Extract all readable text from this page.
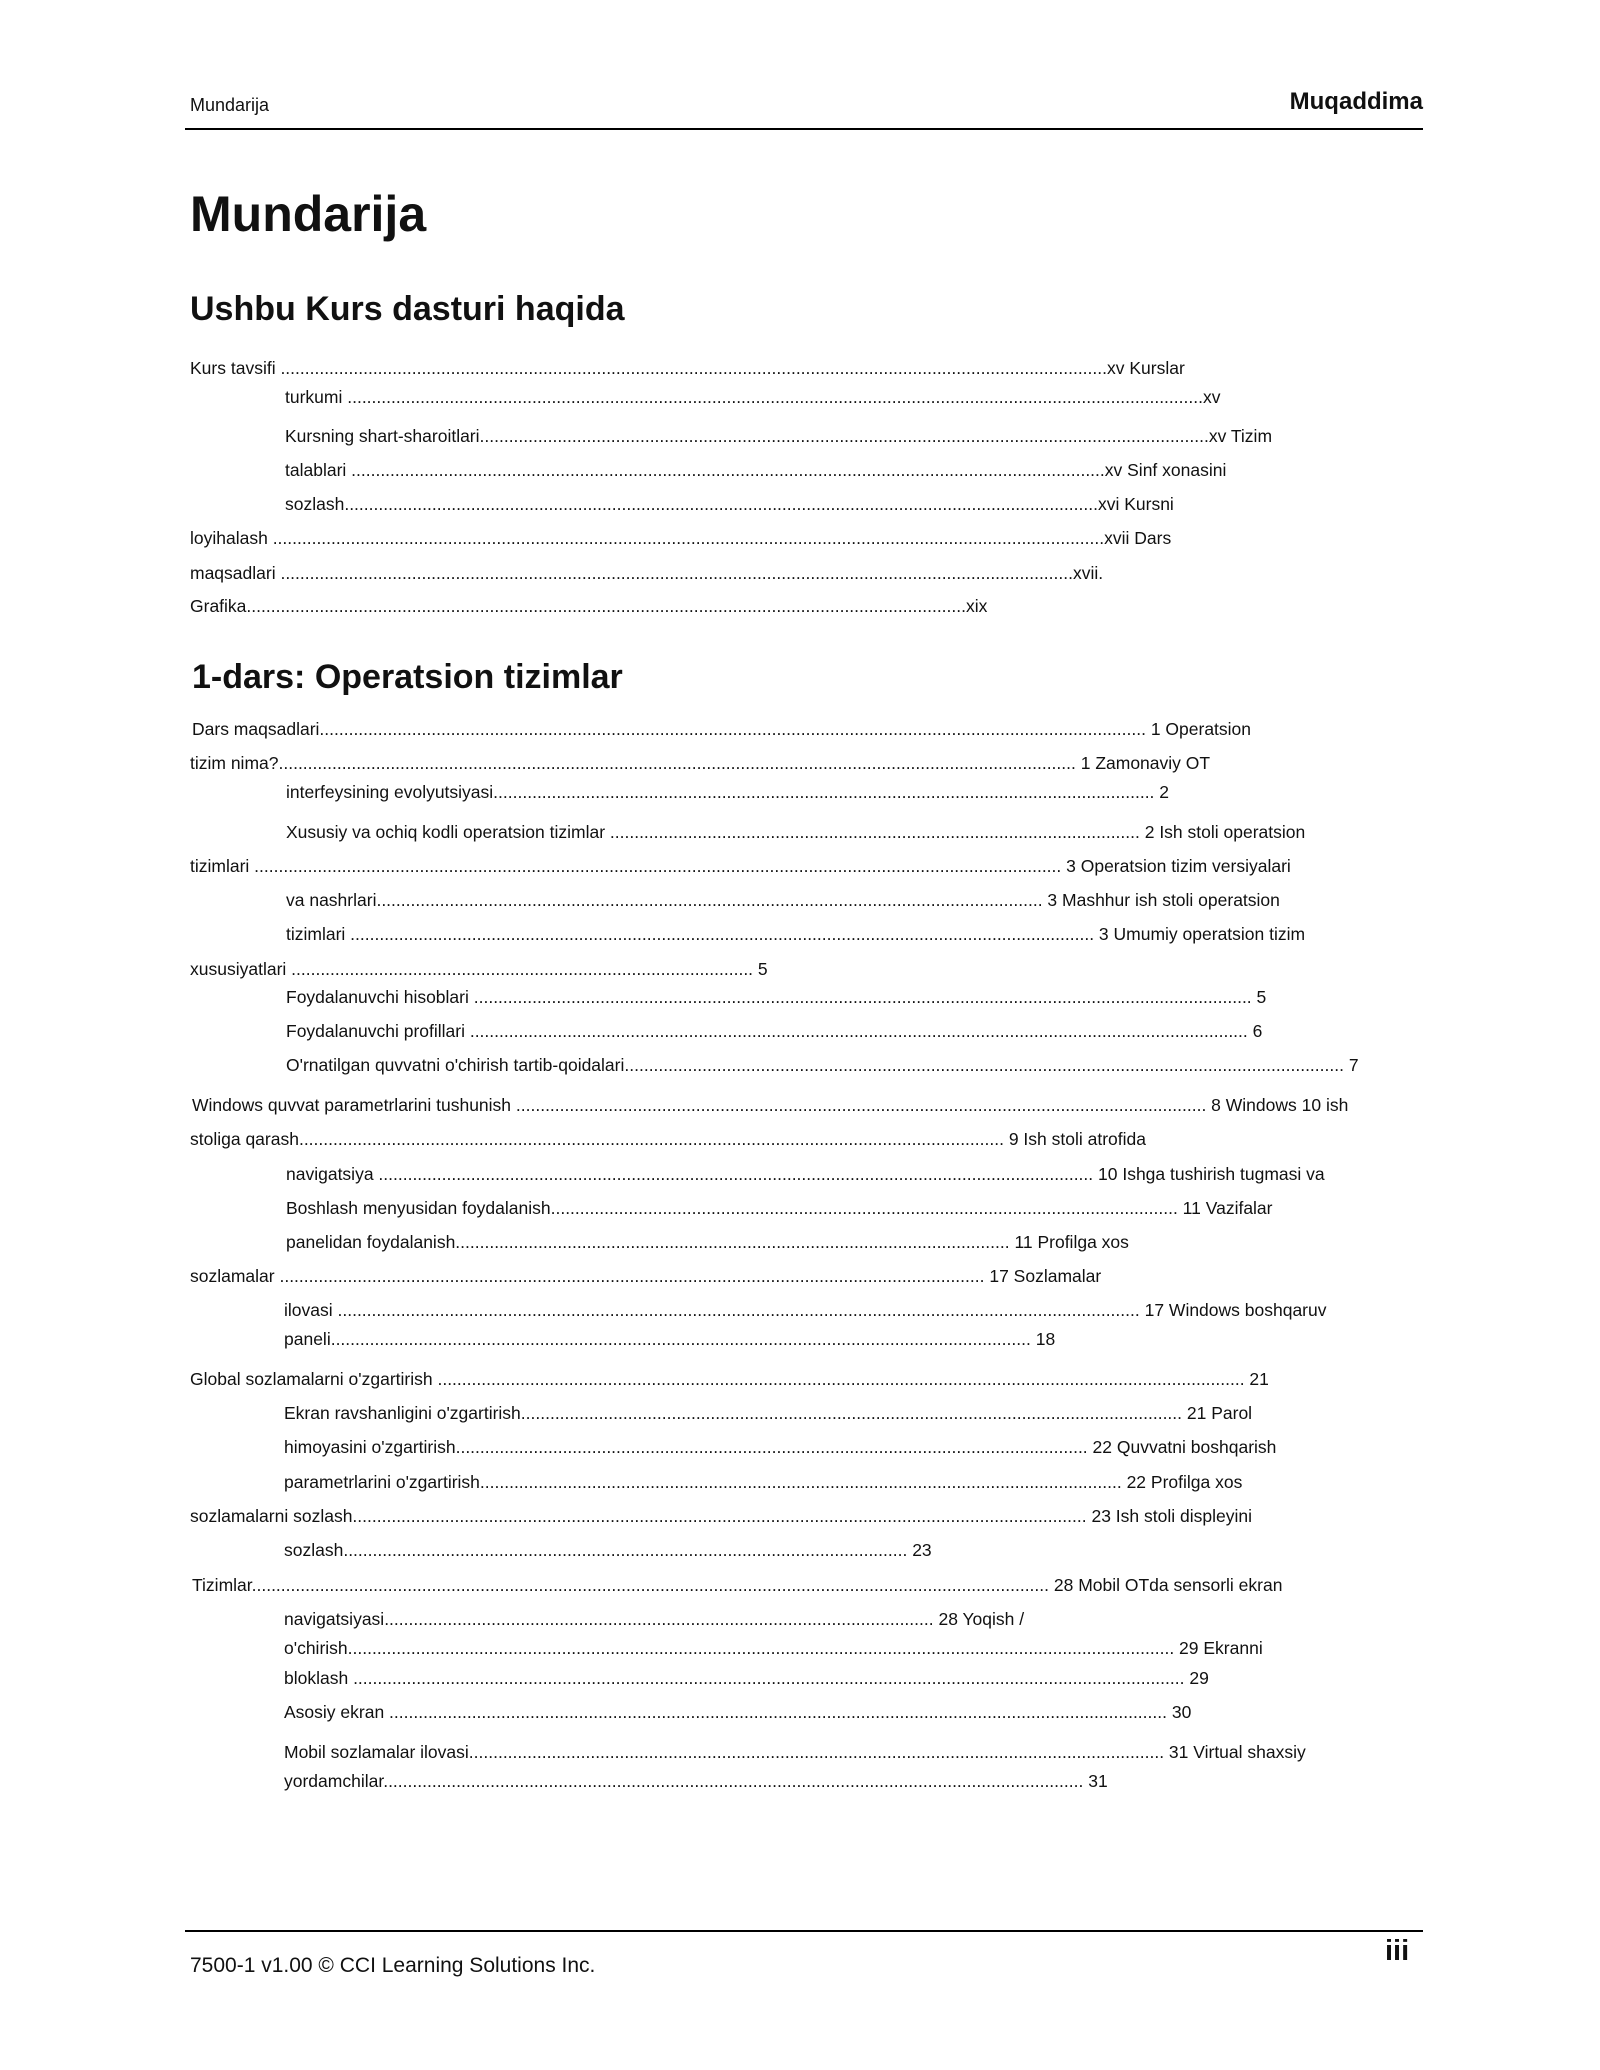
Mundarija	Muqaddima
Mundarija
Ushbu Kurs dasturi haqida
Kurs tavsifi ..........................................................................................................................................................................xv Kurslar
turkumi ................................................................................................................................................................................xv
Kursning shart-sharoitlari......................................................................................................................................................xv Tizim
talablari ...........................................................................................................................................................xv Sinf xonasini
sozlash...........................................................................................................................................................xvi Kursni
loyihalash ...........................................................................................................................................................................xvii Dars
maqsadlari ...................................................................................................................................................................xvii.
Grafika....................................................................................................................................................xix
1-dars: Operatsion tizimlar
Dars maqsadlari.......................................................................................................................................................................... 1 Operatsion
tizim nima?.................................................................................................................................................................... 1 Zamonaviy OT
interfeysining evolyutsiyasi........................................................................................................................................ 2
Xususiy va ochiq kodli operatsion tizimlar ............................................................................................................. 2 Ish stoli operatsion
tizimlari ...................................................................................................................................................................... 3 Operatsion tizim versiyalari
va nashrlari......................................................................................................................................... 3 Mashhur ish stoli operatsion
tizimlari ......................................................................................................................................................... 3 Umumiy operatsion tizim
xususiyatlari ............................................................................................... 5
Foydalanuvchi hisoblari ................................................................................................................................................................ 5
Foydalanuvchi profillari ................................................................................................................................................................ 6
O'rnatilgan quvvatni o'chirish tartib-qoidalari.................................................................................................................................................... 7
Windows quvvat parametrlarini tushunish .............................................................................................................................................. 8 Windows 10 ish
stoliga qarash................................................................................................................................................. 9 Ish stoli atrofida
navigatsiya ................................................................................................................................................... 10 Ishga tushirish tugmasi va
Boshlash menyusidan foydalanish................................................................................................................................. 11 Vazifalar
panelidan foydalanish.................................................................................................................. 11 Profilga xos
sozlamalar ................................................................................................................................................. 17 Sozlamalar
ilovasi ..................................................................................................................................................................... 17 Windows boshqaruv
paneli................................................................................................................................................ 18
Global sozlamalarni o'zgartirish ...................................................................................................................................................................... 21
Ekran ravshanligini o'zgartirish........................................................................................................................................ 21 Parol
himoyasini o'zgartirish.................................................................................................................................. 22 Quvvatni boshqarish
parametrlarini o'zgartirish.................................................................................................................................... 22 Profilga xos
sozlamalarni sozlash....................................................................................................................................................... 23 Ish stoli displeyini
sozlash.................................................................................................................... 23
Tizimlar.................................................................................................................................................................... 28 Mobil OTda sensorli ekran
navigatsiyasi................................................................................................................. 28 Yoqish /
o'chirish.......................................................................................................................................................................... 29 Ekranni
bloklash ........................................................................................................................................................................... 29
Asosiy ekran ................................................................................................................................................................ 30
Mobil sozlamalar ilovasi............................................................................................................................................... 31 Virtual shaxsiy
yordamchilar................................................................................................................................................ 31
7500-1 v1.00 © CCI Learning Solutions Inc.	iii
